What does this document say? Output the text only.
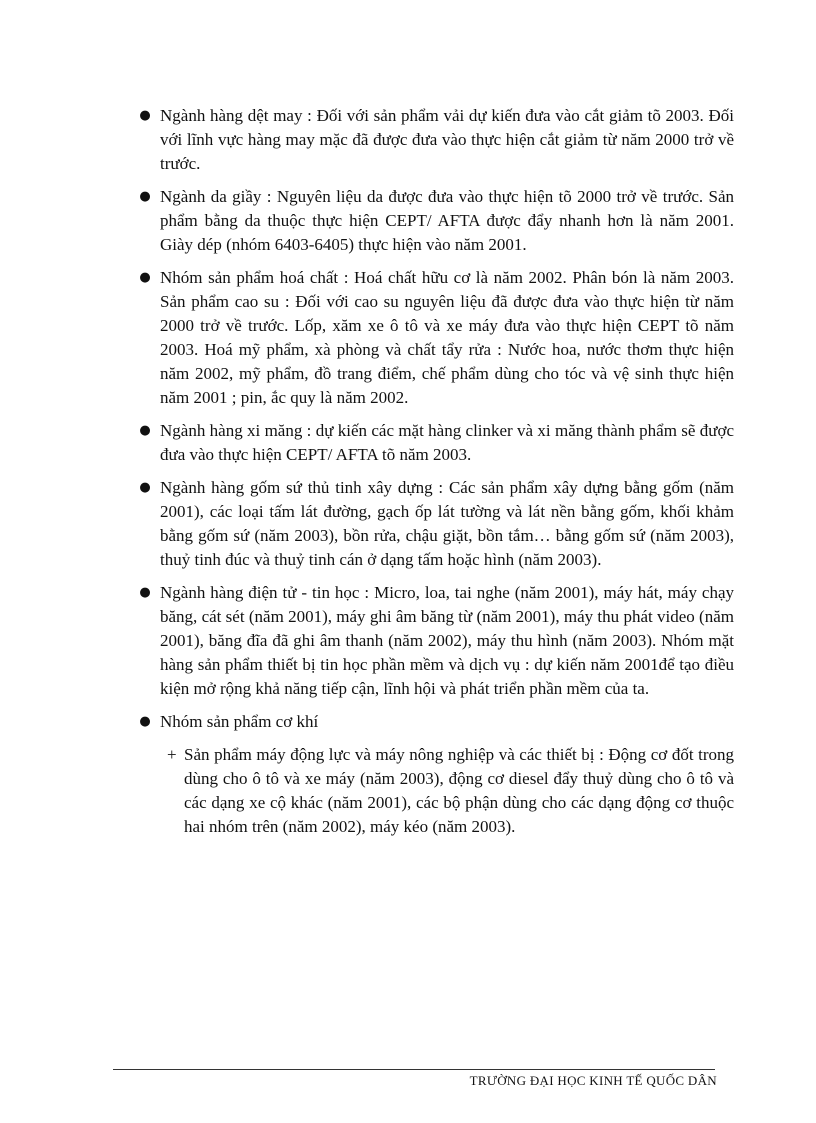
● Ngành hàng dệt may : Đối với sản phẩm vải dự kiến đưa vào cắt giảm tõ 2003. Đối với lĩnh vực hàng may mặc đã được đưa vào thực hiện cắt giảm từ năm 2000 trở về trước.
● Ngành da giầy : Nguyên liệu da được đưa vào thực hiện tõ 2000 trở về trước. Sản phẩm bằng da thuộc thực hiện CEPT/ AFTA được đẩy nhanh hơn là năm 2001. Giày dép (nhóm 6403-6405) thực hiện vào năm 2001.
● Nhóm sản phẩm hoá chất : Hoá chất hữu cơ là năm 2002. Phân bón là năm 2003. Sản phẩm cao su : Đối với cao su nguyên liệu đã được đưa vào thực hiện từ năm 2000 trở về trước. Lốp, xăm xe ô tô và xe máy đưa vào thực hiện CEPT tõ năm 2003. Hoá mỹ phẩm, xà phòng và chất tẩy rửa : Nước hoa, nước thơm thực hiện năm 2002, mỹ phẩm, đồ trang điểm, chế phẩm dùng cho tóc và vệ sinh thực hiện năm 2001 ; pin, ắc quy là năm 2002.
● Ngành hàng xi măng : dự kiến các mặt hàng clinker và xi măng thành phẩm sẽ được đưa vào thực hiện CEPT/ AFTA tõ năm 2003.
● Ngành hàng gốm sứ thủ tinh xây dựng : Các sản phẩm xây dựng bằng gốm (năm 2001), các loại tấm lát đường, gạch ốp lát tường và lát nền bằng gốm, khối khảm bằng gốm sứ (năm 2003), bồn rửa, chậu giặt, bồn tắm… bằng gốm sứ (năm 2003), thuỷ tinh đúc và thuỷ tinh cán ở dạng tấm hoặc hình (năm 2003).
● Ngành hàng điện tử - tin học : Micro, loa, tai nghe (năm 2001), máy hát, máy chạy băng, cát sét (năm 2001), máy ghi âm băng từ (năm 2001), máy thu phát video (năm 2001), băng đĩa đã ghi âm thanh (năm 2002), máy thu hình (năm 2003). Nhóm mặt hàng sản phẩm thiết bị tin học phần mềm và dịch vụ : dự kiến năm 2001để tạo điều kiện mở rộng khả năng tiếp cận, lĩnh hội và phát triển phần mềm của ta.
● Nhóm sản phẩm cơ khí
+ Sản phẩm máy động lực và máy nông nghiệp và các thiết bị : Động cơ đốt trong dùng cho ô tô và xe máy (năm 2003), động cơ diesel đẩy thuỷ dùng cho ô tô và các dạng xe cộ khác (năm 2001), các bộ phận dùng cho các dạng động cơ thuộc hai nhóm trên (năm 2002), máy kéo (năm 2003).
TRƯỜNG ĐẠI HỌC KINH TẾ QUỐC DÂN
